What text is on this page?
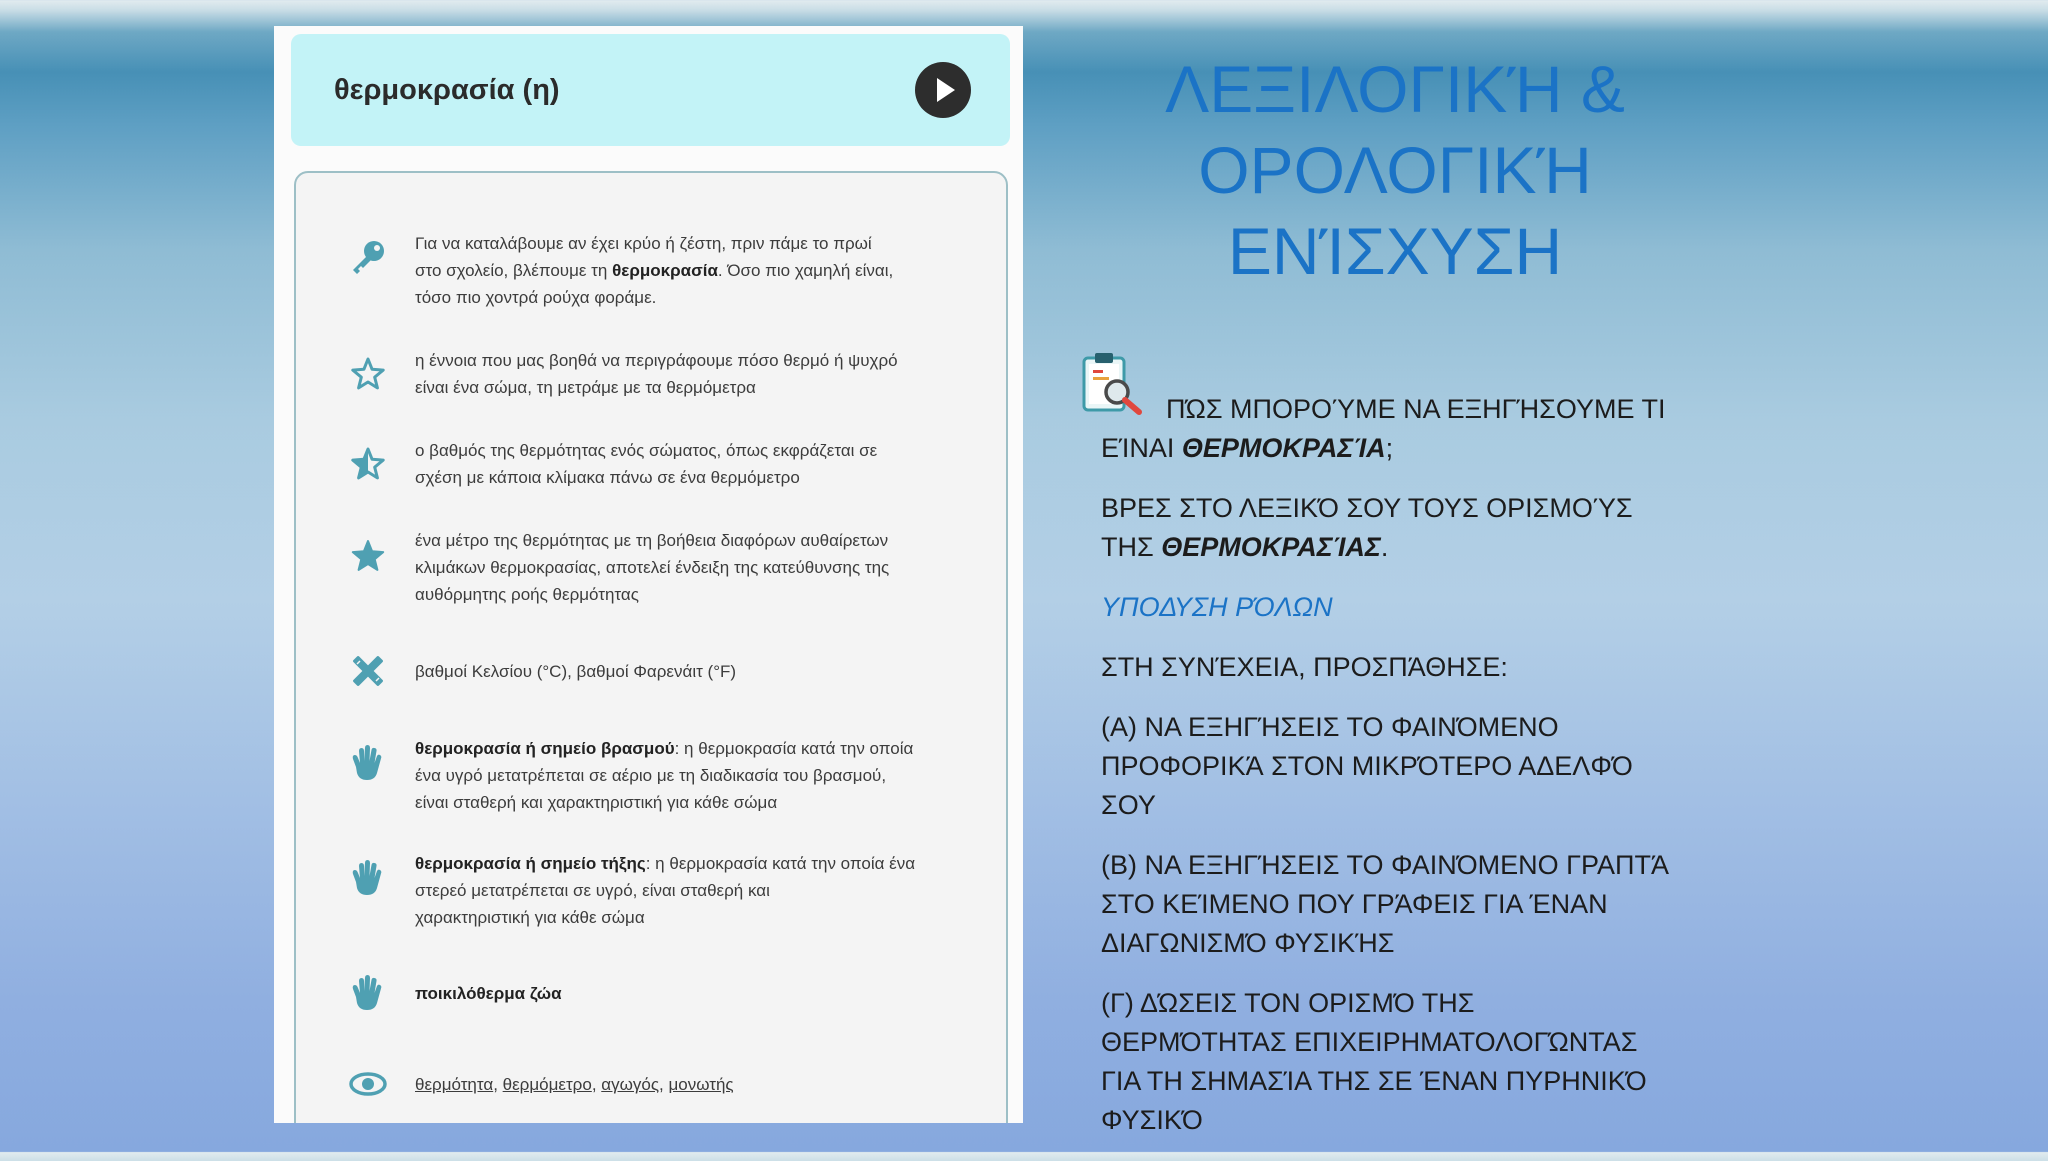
θερμοκρασία (η)
Για να καταλάβουμε αν έχει κρύο ή ζέστη, πριν πάμε το πρωί
στο σχολείο, βλέπουμε τη θερμοκρασία. Όσο πιο χαμηλή είναι,
τόσο πιο χοντρά ρούχα φοράμε.
η έννοια που μας βοηθά να περιγράφουμε πόσο θερμό ή ψυχρό
είναι ένα σώμα, τη μετράμε με τα θερμόμετρα
ο βαθμός της θερμότητας ενός σώματος, όπως εκφράζεται σε
σχέση με κάποια κλίμακα πάνω σε ένα θερμόμετρο
ένα μέτρο της θερμότητας με τη βοήθεια διαφόρων αυθαίρετων
κλιμάκων θερμοκρασίας, αποτελεί ένδειξη της κατεύθυνσης της
αυθόρμητης ροής θερμότητας
βαθμοί Κελσίου (°C), βαθμοί Φαρενάιτ (°F)
θερμοκρασία ή σημείο βρασμού: η θερμοκρασία κατά την οποία
ένα υγρό μετατρέπεται σε αέριο με τη διαδικασία του βρασμού,
είναι σταθερή και χαρακτηριστική για κάθε σώμα
θερμοκρασία ή σημείο τήξης: η θερμοκρασία κατά την οποία ένα
στερεό μετατρέπεται σε υγρό, είναι σταθερή και
χαρακτηριστική για κάθε σώμα
ποικιλόθερμα ζώα
θερμότητα, θερμόμετρο, αγωγός, μονωτής
ΛΕΞΙΛΟΓΙΚΉ &
ΟΡΟΛΟΓΙΚΉ
ΕΝΊΣΧΥΣΗ

ΠΏΣ ΜΠΟΡΟΎΜΕ ΝΑ ΕΞΗΓΉΣΟΥΜΕ ΤΙ
ΕΊΝΑΙ ΘΕΡΜΟΚΡΑΣΊΑ;

ΒΡΕΣ ΣΤΟ ΛΕΞΙΚΌ ΣΟΥ ΤΟΥΣ ΟΡΙΣΜΟΎΣ
ΤΗΣ ΘΕΡΜΟΚΡΑΣΊΑΣ.

ΥΠΟΔΥΣΗ ΡΌΛΩΝ

ΣΤΗ ΣΥΝΈΧΕΙΑ, ΠΡΟΣΠΆΘΗΣΕ:

(Α) ΝΑ ΕΞΗΓΉΣΕΙΣ ΤΟ ΦΑΙΝΌΜΕΝΟ
ΠΡΟΦΟΡΙΚΆ ΣΤΟΝ ΜΙΚΡΌΤΕΡΟ ΑΔΕΛΦΌ
ΣΟΥ

(Β) ΝΑ ΕΞΗΓΉΣΕΙΣ ΤΟ ΦΑΙΝΌΜΕΝΟ ΓΡΑΠΤΆ
ΣΤΟ ΚΕΊΜΕΝΟ ΠΟΥ ΓΡΆΦΕΙΣ ΓΙΑ ΈΝΑΝ
ΔΙΑΓΩΝΙΣΜΌ ΦΥΣΙΚΉΣ

(Γ) ΔΏΣΕΙΣ ΤΟΝ ΟΡΙΣΜΌ ΤΗΣ
ΘΕΡΜΌΤΗΤΑΣ ΕΠΙΧΕΙΡΗΜΑΤΟΛΟΓΏΝΤΑΣ
ΓΙΑ ΤΗ ΣΗΜΑΣΊΑ ΤΗΣ ΣΕ ΈΝΑΝ ΠΥΡΗΝΙΚΌ
ΦΥΣΙΚΌ
